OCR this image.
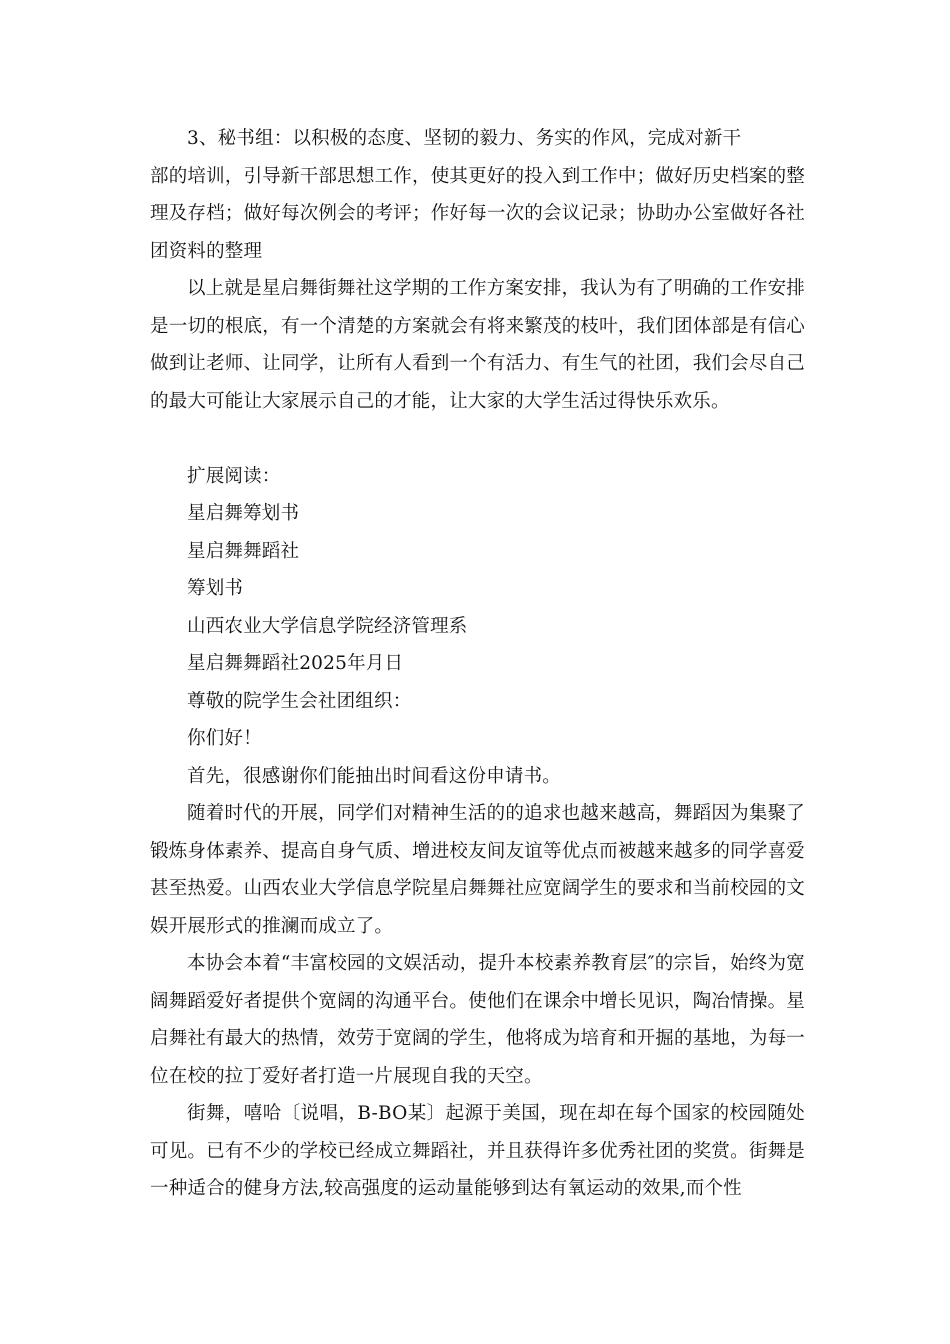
3、秘书组：以积极的态度、坚韧的毅力、务实的作风，完成对新干

部的培训，引导新干部思想工作，使其更好的投入到工作中；做好历史档案的整理及存档；做好每次例会的考评；作好每一次的会议记录；协助办公室做好各社团资料的整理

以上就是星启舞街舞社这学期的工作方案安排，我认为有了明确的工作安排是一切的根底，有一个清楚的方案就会有将来繁茂的枝叶，我们团体部是有信心做到让老师、让同学，让所有人看到一个有活力、有生气的社团，我们会尽自己的最大可能让大家展示自己的才能，让大家的大学生活过得快乐欢乐。

扩展阅读：

星启舞筹划书

星启舞舞蹈社

筹划书

山西农业大学信息学院经济管理系

星启舞舞蹈社2025年月日

尊敬的院学生会社团组织：

你们好！

首先，很感谢你们能抽出时间看这份申请书。

随着时代的开展，同学们对精神生活的的追求也越来越高，舞蹈因为集聚了锻炼身体素养、提高自身气质、增进校友间友谊等优点而被越来越多的同学喜爱甚至热爱。山西农业大学信息学院星启舞舞社应宽阔学生的要求和当前校园的文娱开展形式的推澜而成立了。

本协会本着“丰富校园的文娱活动，提升本校素养教育层″的宗旨，始终为宽阔舞蹈爱好者提供个宽阔的沟通平台。使他们在课余中增长见识，陶冶情操。星启舞社有最大的热情，效劳于宽阔的学生，他将成为培育和开掘的基地，为每一位在校的拉丁爱好者打造一片展现自我的天空。

街舞，嘻哈〔说唱，B-BO某〕起源于美国，现在却在每个国家的校园随处可见。已有不少的学校已经成立舞蹈社，并且获得许多优秀社团的奖赏。街舞是一种适合的健身方法,较高强度的运动量能够到达有氧运动的效果,而个性
